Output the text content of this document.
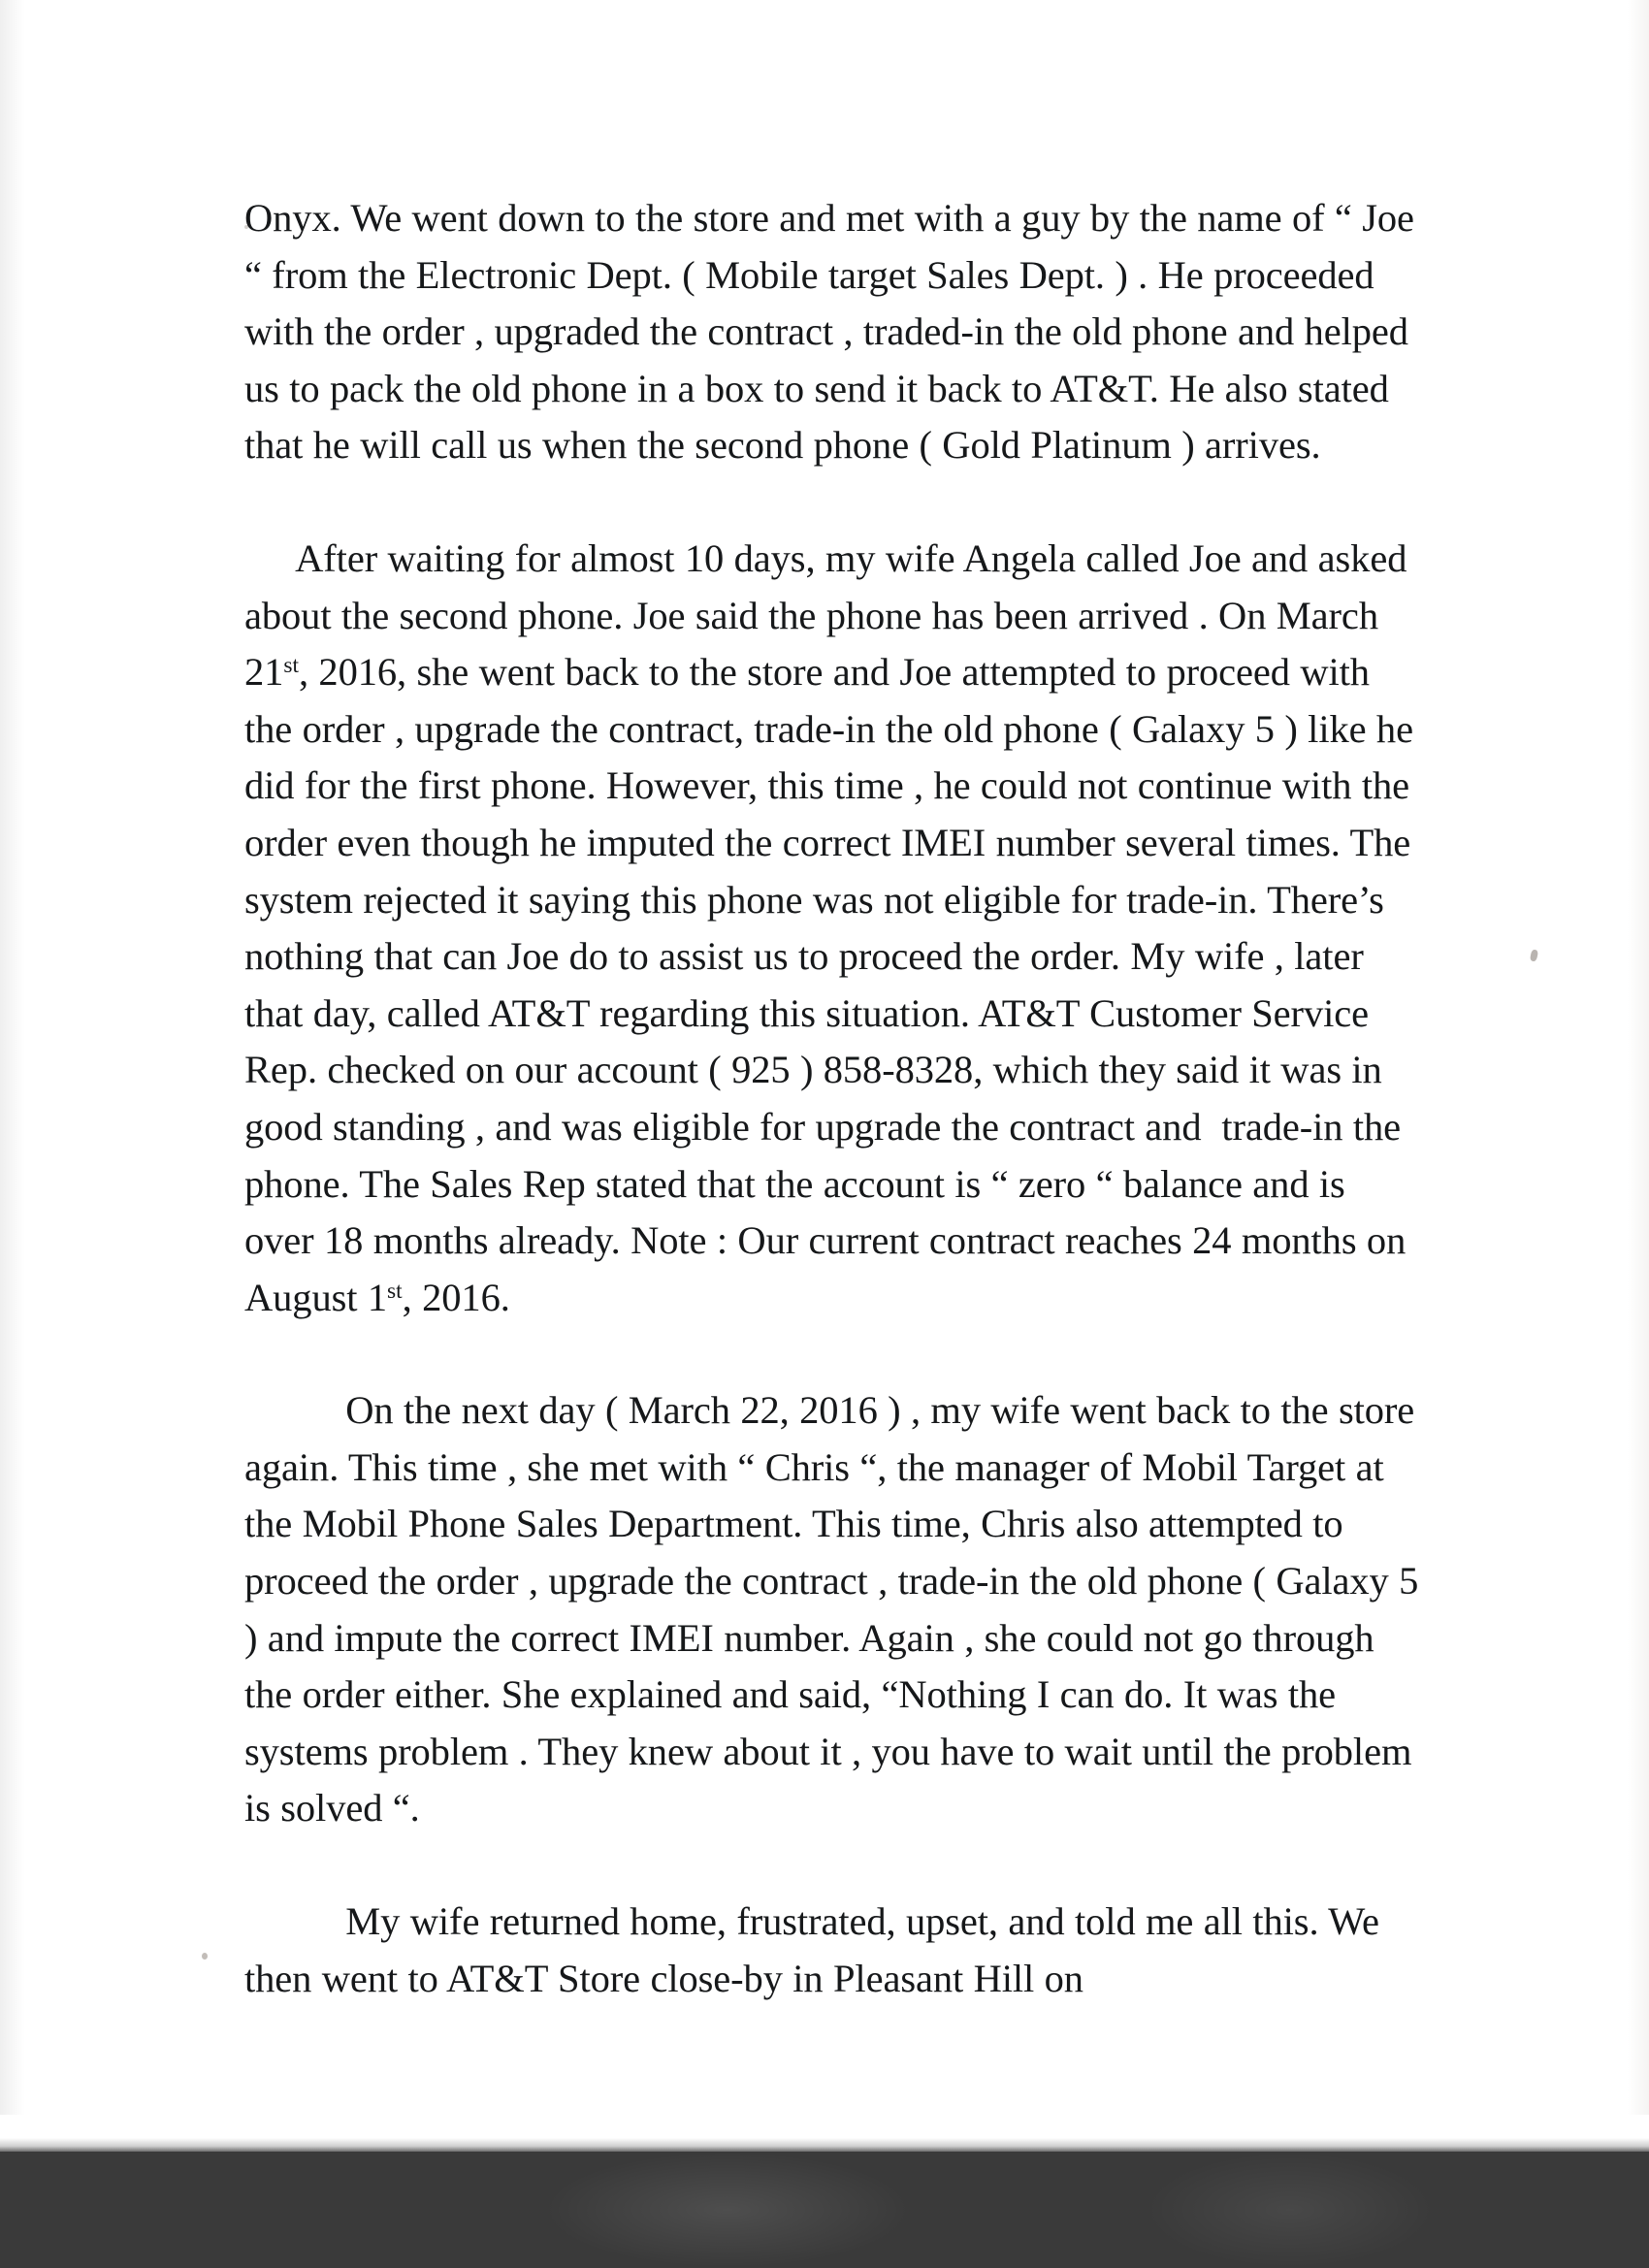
Onyx. We went down to the store and met with a guy by the name of “ Joe “ from the Electronic Dept. ( Mobile target Sales Dept. ) . He proceeded with the order , upgraded the contract , traded-in the old phone and helped us to pack the old phone in a box to send it back to AT&T. He also stated that he will call us when the second phone ( Gold Platinum ) arrives.

After waiting for almost 10 days, my wife Angela called Joe and asked about the second phone. Joe said the phone has been arrived . On March 21st, 2016, she went back to the store and Joe attempted to proceed with the order , upgrade the contract, trade-in the old phone ( Galaxy 5 ) like he did for the first phone. However, this time , he could not continue with the order even though he imputed the correct IMEI number several times. The system rejected it saying this phone was not eligible for trade-in. There’s nothing that can Joe do to assist us to proceed the order. My wife , later that day, called AT&T regarding this situation. AT&T Customer Service Rep. checked on our account ( 925 ) 858-8328, which they said it was in good standing , and was eligible for upgrade the contract and  trade-in the phone. The Sales Rep stated that the account is “ zero “ balance and is over 18 months already. Note : Our current contract reaches 24 months on August 1st, 2016.

On the next day ( March 22, 2016 ) , my wife went back to the store again. This time , she met with “ Chris “, the manager of Mobil Target at the Mobil Phone Sales Department. This time, Chris also attempted to proceed the order , upgrade the contract , trade-in the old phone ( Galaxy 5 ) and impute the correct IMEI number. Again , she could not go through the order either. She explained and said, “Nothing I can do. It was the systems problem . They knew about it , you have to wait until the problem is solved “.

My wife returned home, frustrated, upset, and told me all this. We then went to AT&T Store close-by in Pleasant Hill on
